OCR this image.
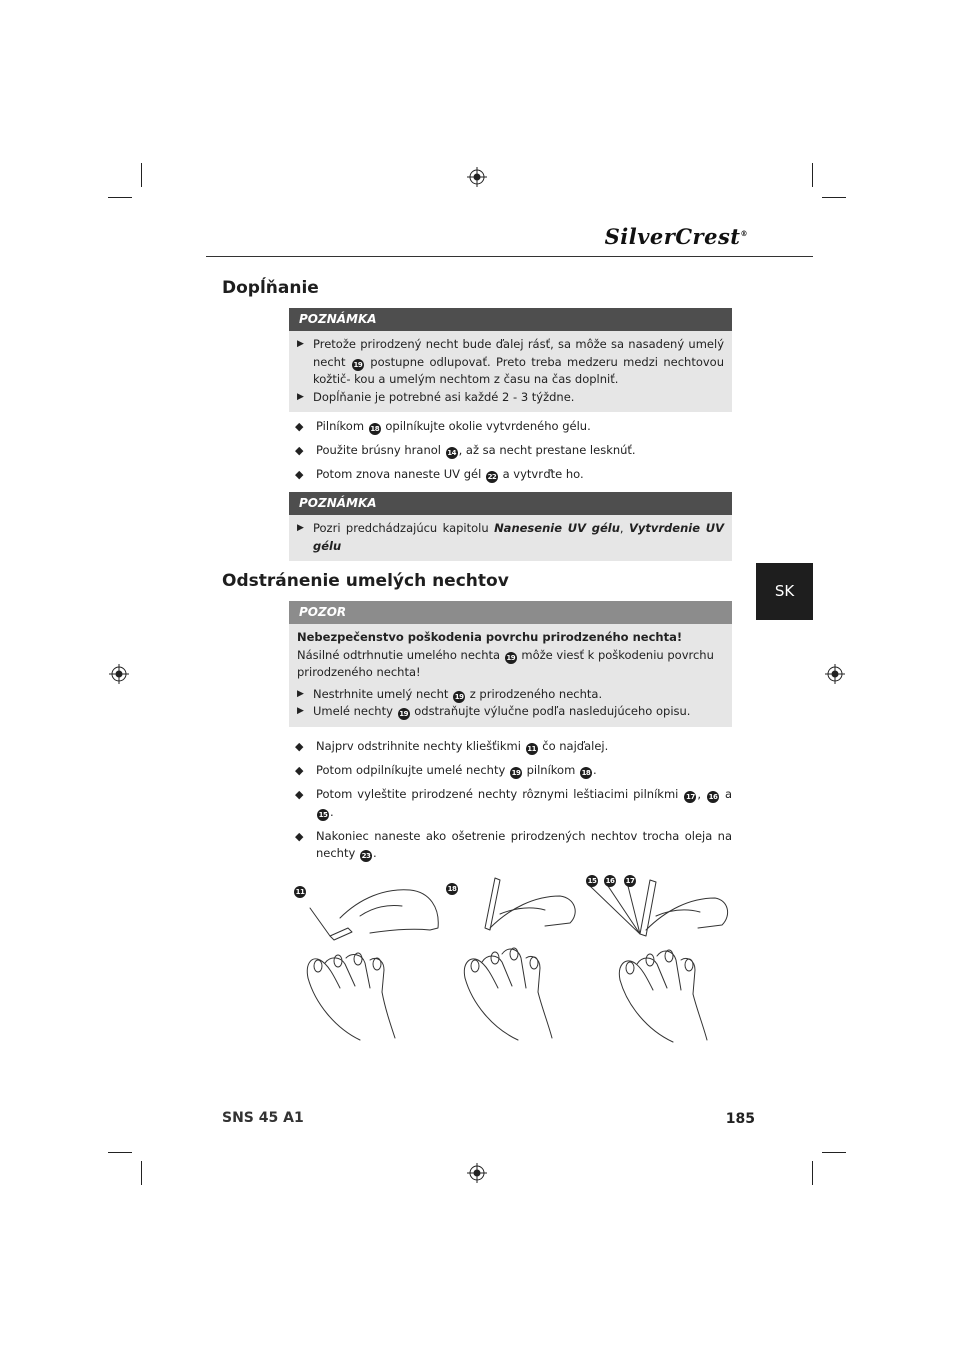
SilverCrest®
Dopĺňanie
POZNÁMKA
▶ Pretože prirodzený necht bude ďalej rásť, sa môže sa nasadený umelý necht 19 postupne odlupovať. Preto treba medzeru medzi nechtovou kožtič- kou a umelým nechtom z času na čas doplniť.
▶ Dopĺňanie je potrebné asi každé 2 - 3 týždne.
◆	Pilníkom 18 opilníkujte okolie vytvrdeného gélu.
◆	Použite brúsny hranol 14 , až sa necht prestane lesknúť.
◆	Potom znova naneste UV gél 22 a vytvrďte ho.
POZNÁMKA
▶ Pozri predchádzajúcu kapitolu Nanesenie UV gélu, Vytvrdenie UV gélu
SK
Odstránenie umelých nechtov
POZOR
Nebezpečenstvo poškodenia povrchu prirodzeného nechta!
Násilné odtrhnutie umelého nechta 19 môže viesť k poškodeniu povrchu prirodzeného nechta!
▶ Nestrhnite umelý necht 19 z prirodzeného nechta.
▶ Umelé nechty 19 odstraňujte výlučne podľa nasledujúceho opisu.
◆	Najprv odstrihnite nechty kliešťikmi 11 čo najďalej.
◆	Potom odpilníkujte umelé nechty 19 pilníkom 18 .
◆	Potom vyleštite prirodzené nechty rôznymi leštiacimi pilníkmi 17 , 16 a 15 .
◆	Nakoniec naneste ako ošetrenie prirodzených nechtov trocha oleja na nechty 23 .
11	18
15 16 17
SNS 45 A1	185
